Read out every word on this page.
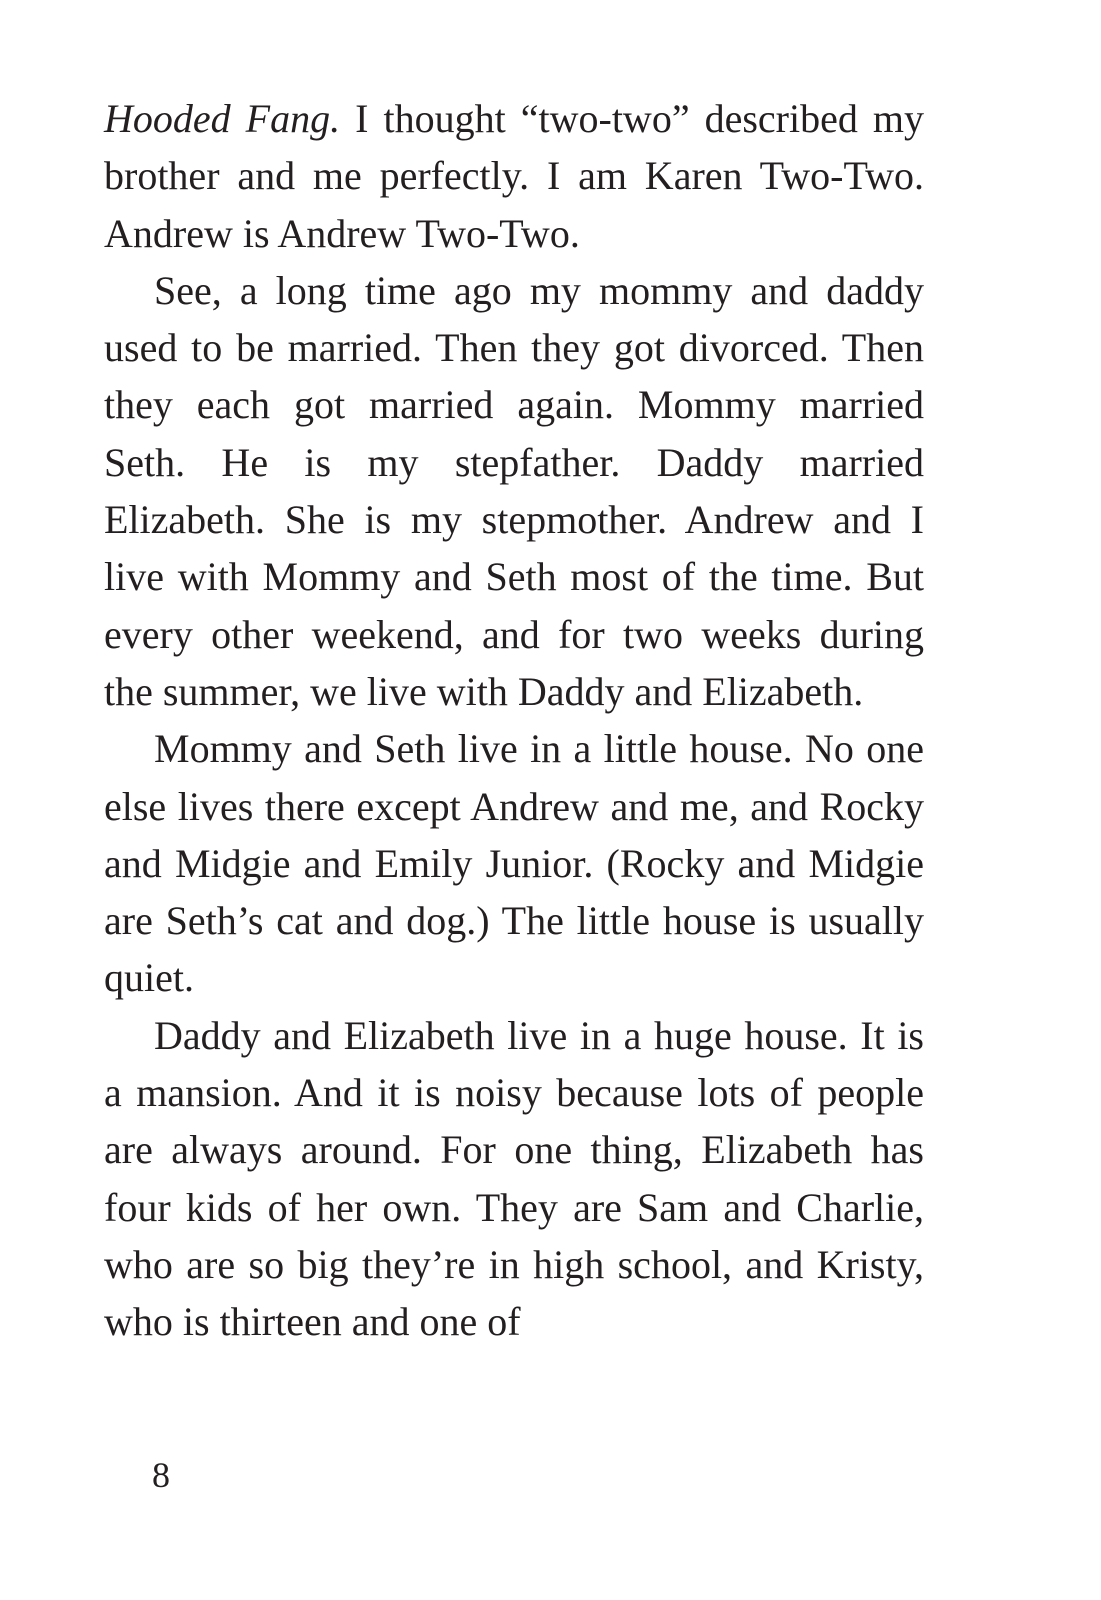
Hooded Fang. I thought “two-two” described my brother and me perfectly. I am Karen Two-Two. Andrew is Andrew Two-Two.

See, a long time ago my mommy and daddy used to be married. Then they got divorced. Then they each got married again. Mommy married Seth. He is my stepfather. Daddy married Elizabeth. She is my stepmother. Andrew and I live with Mommy and Seth most of the time. But every other weekend, and for two weeks during the summer, we live with Daddy and Elizabeth.

Mommy and Seth live in a little house. No one else lives there except Andrew and me, and Rocky and Midgie and Emily Junior. (Rocky and Midgie are Seth’s cat and dog.) The little house is usually quiet.

Daddy and Elizabeth live in a huge house. It is a mansion. And it is noisy because lots of people are always around. For one thing, Elizabeth has four kids of her own. They are Sam and Charlie, who are so big they’re in high school, and Kristy, who is thirteen and one of

8
